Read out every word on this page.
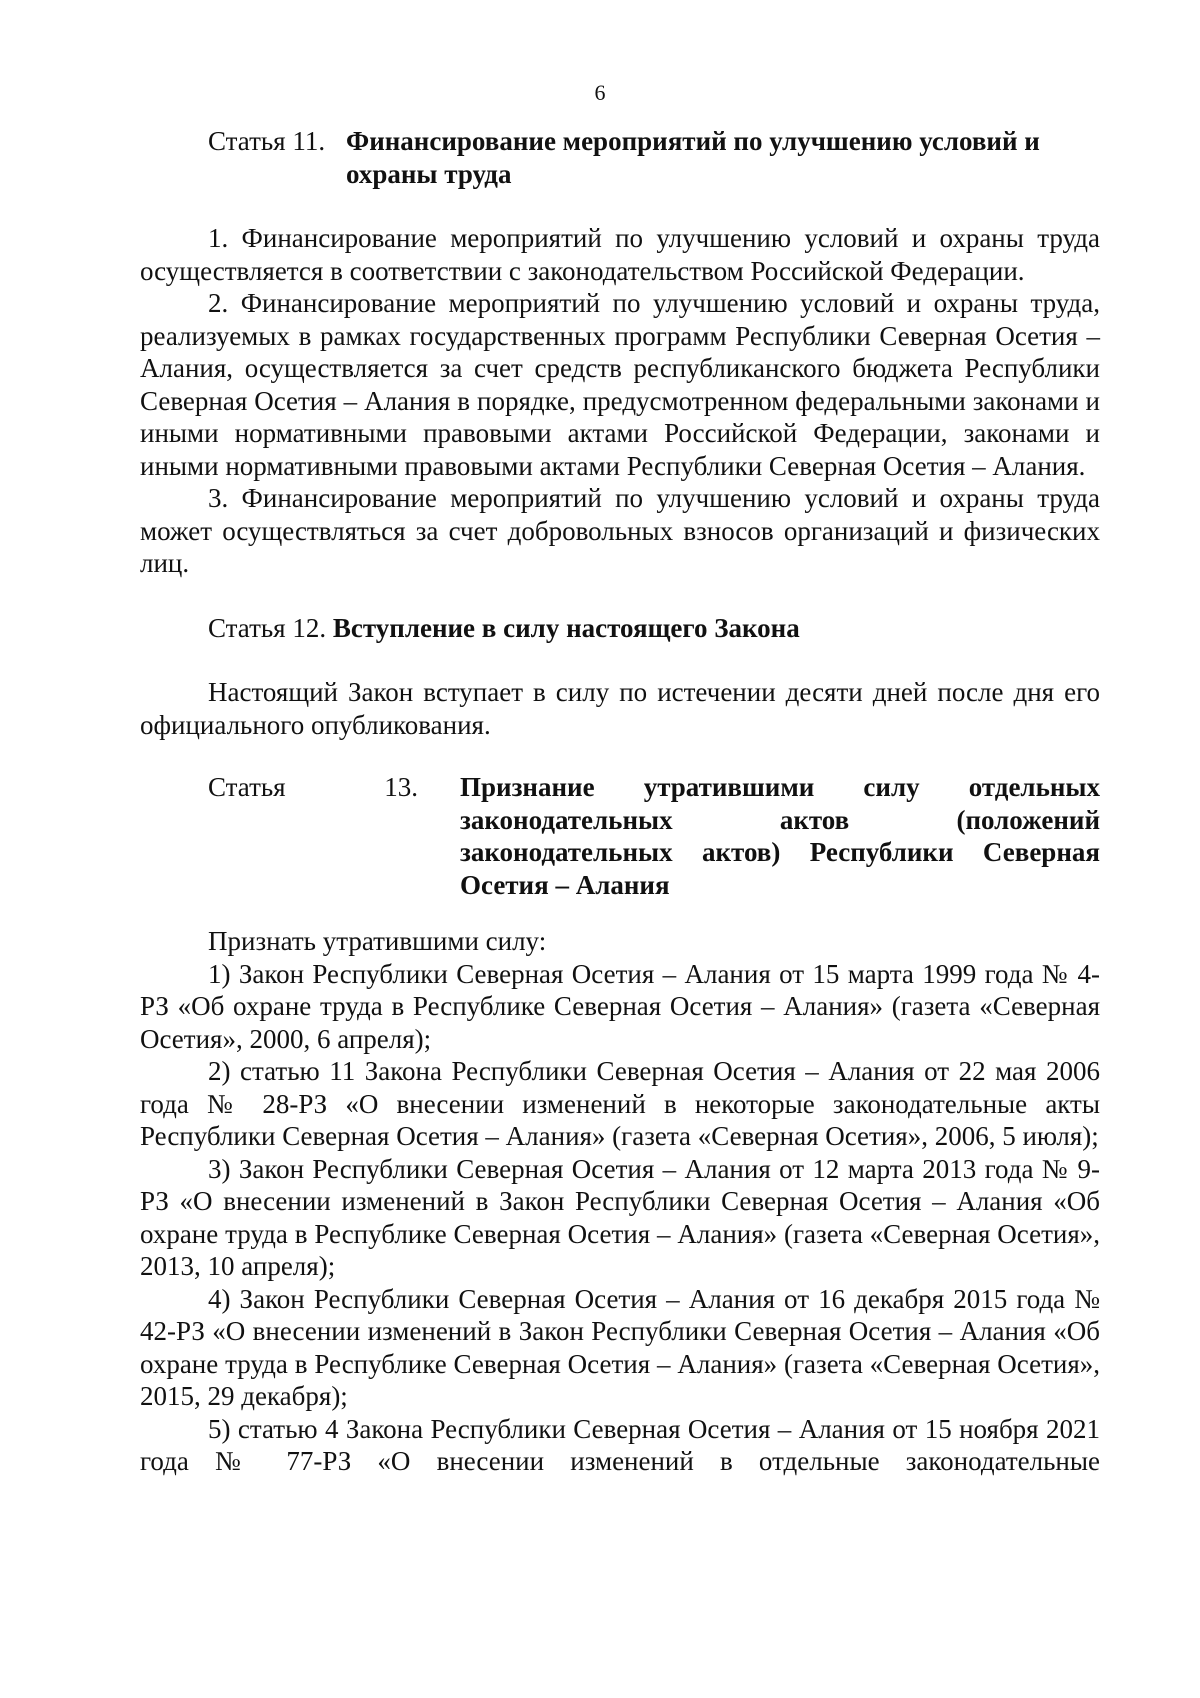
6
Статья 11. Финансирование мероприятий по улучшению условий и охраны труда

1. Финансирование мероприятий по улучшению условий и охраны труда осуществляется в соответствии с законодательством Российской Федерации.

2. Финансирование мероприятий по улучшению условий и охраны труда, реализуемых в рамках государственных программ Республики Северная Осетия – Алания, осуществляется за счет средств республиканского бюджета Республики Северная Осетия – Алания в порядке, предусмотренном федеральными законами и иными нормативными правовыми актами Российской Федерации, законами и иными нормативными правовыми актами Республики Северная Осетия – Алания.

3. Финансирование мероприятий по улучшению условий и охраны труда может осуществляться за счет добровольных взносов организаций и физических лиц.

Статья 12. Вступление в силу настоящего Закона

Настоящий Закон вступает в силу по истечении десяти дней после дня его официального опубликования.

Статья	13. Признание утратившими силу отдельных законодательных актов (положений законодательных актов) Республики Северная Осетия – Алания

Признать утратившими силу:

1) Закон Республики Северная Осетия – Алания от 15 марта 1999 года № 4-РЗ «Об охране труда в Республике Северная Осетия – Алания» (газета «Северная Осетия», 2000, 6 апреля);

2) статью 11 Закона Республики Северная Осетия – Алания от 22 мая 2006 года № 28-РЗ «О внесении изменений в некоторые законодательные акты Республики Северная Осетия – Алания» (газета «Северная Осетия», 2006, 5 июля);

3) Закон Республики Северная Осетия – Алания от 12 марта 2013 года № 9-РЗ «О внесении изменений в Закон Республики Северная Осетия – Алания «Об охране труда в Республике Северная Осетия – Алания» (газета «Северная Осетия», 2013, 10 апреля);

4) Закон Республики Северная Осетия – Алания от 16 декабря 2015 года № 42-РЗ «О внесении изменений в Закон Республики Северная Осетия – Алания «Об охране труда в Республике Северная Осетия – Алания» (газета «Северная Осетия», 2015, 29 декабря);

5) статью 4 Закона Республики Северная Осетия – Алания от 15 ноября 2021 года № 77-РЗ «О внесении изменений в отдельные законодательные
